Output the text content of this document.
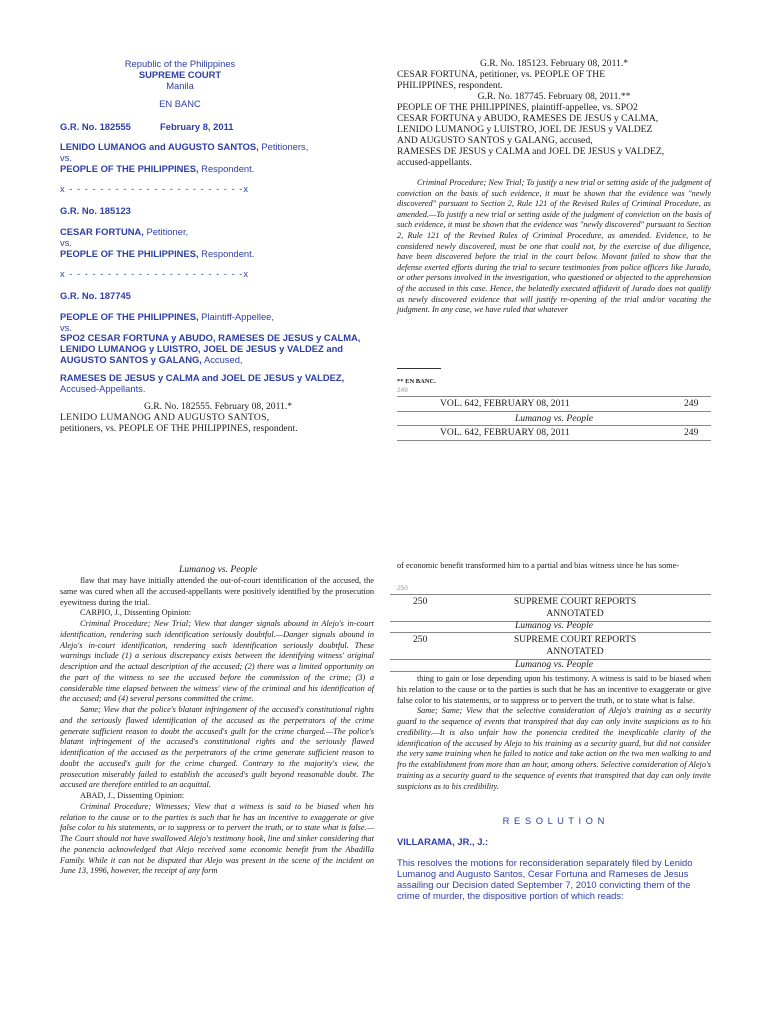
Republic of the Philippines
SUPREME COURT
Manila
EN BANC
G.R. No. 182555	February 8, 2011
LENIDO LUMANOG and AUGUSTO SANTOS, Petitioners,
vs.
PEOPLE OF THE PHILIPPINES, Respondent.
x - - - - - - - - - - - - - - - - - - - - - - -x
G.R. No. 185123
CESAR FORTUNA, Petitioner,
vs.
PEOPLE OF THE PHILIPPINES, Respondent.
x - - - - - - - - - - - - - - - - - - - - - - -x
G.R. No. 187745
PEOPLE OF THE PHILIPPINES, Plaintiff-Appellee,
vs.
SPO2 CESAR FORTUNA y ABUDO, RAMESES DE JESUS y CALMA, LENIDO LUMANOG y LUISTRO, JOEL DE JESUS y VALDEZ and AUGUSTO SANTOS y GALANG, Accused,
RAMESES DE JESUS y CALMA and JOEL DE JESUS y VALDEZ, Accused-Appellants.
G.R. No. 182555. February 08, 2011.*
LENIDO LUMANOG AND AUGUSTO SANTOS,
petitioners, vs. PEOPLE OF THE PHILIPPINES, respondent.
G.R. No. 185123. February 08, 2011.*
CESAR FORTUNA, petitioner, vs. PEOPLE OF THE
PHILIPPINES, respondent.
G.R. No. 187745. February 08, 2011.**
PEOPLE OF THE PHILIPPINES, plaintiff-appellee, vs. SPO2
CESAR FORTUNA y ABUDO, RAMESES DE JESUS y CALMA,
LENIDO LUMANOG y LUISTRO, JOEL DE JESUS y VALDEZ
AND AUGUSTO SANTOS y GALANG, accused,
RAMESES DE JESUS y CALMA and JOEL DE JESUS y VALDEZ,
accused-appellants.
Criminal Procedure; New Trial; To justify a new trial or setting aside of the judgment of conviction on the basis of such evidence, it must be shown that the evidence was "newly discovered" pursuant to Section 2, Rule 121 of the Revised Rules of Criminal Procedure, as amended.—To justify a new trial or setting aside of the judgment of conviction on the basis of such evidence, it must be shown that the evidence was "newly discovered" pursuant to Section 2, Rule 121 of the Revised Rules of Criminal Procedure, as amended. Evidence, to be considered newly discovered, must be one that could not, by the exercise of due diligence, have been discovered before the trial in the court below. Movant failed to show that the defense exerted efforts during the trial to secure testimonies from police officers like Jurado, or other persons involved in the investigation, who questioned or objected to the apprehension of the accused in this case. Hence, the belatedly executed affidavit of Jurado does not qualify as newly discovered evidence that will justify re-opening of the trial and/or vacating the judgment. In any case, we have ruled that whatever
** EN BANC.
249
VOL. 642, FEBRUARY 08, 2011	249
Lumanog vs. People
VOL. 642, FEBRUARY 08, 2011	249
Lumanog vs. People

flaw that may have initially attended the out-of-court identification of the accused, the same was cured when all the accused-appellants were positively identified by the prosecution eyewitness during the trial.

CARPIO, J., Dissenting Opinion:

Criminal Procedure; New Trial; View that danger signals abound in Alejo's in-court identification, rendering such identification seriously doubtful.—Danger signals abound in Alejo's in-court identification, rendering such identification seriously doubtful. These warnings include (1) a serious discrepancy exists between the identifying witness' original description and the actual description of the accused; (2) there was a limited opportunity on the part of the witness to see the accused before the commission of the crime; (3) a considerable time elapsed between the witness' view of the criminal and his identification of the accused; and (4) several persons committed the crime.

Same; View that the police's blatant infringement of the accused's constitutional rights and the seriously flawed identification of the accused as the perpetrators of the crime generate sufficient reason to doubt the accused's guilt for the crime charged.—The police's blatant infringement of the accused's constitutional rights and the seriously flawed identification of the accused as the perpetrators of the crime generate sufficient reason to doubt the accused's guilt for the crime charged. Contrary to the majority's view, the prosecution miserably failed to establish the accused's guilt beyond reasonable doubt. The accused are therefore entitled to an acquittal.

ABAD, J., Dissenting Opinion:

Criminal Procedure; Witnesses; View that a witness is said to be biased when his relation to the cause or to the parties is such that he has an incentive to exaggerate or give false color to his statements, or to suppress or to pervert the truth, or to state what is false.—The Court should not have swallowed Alejo's testimony hook, line and sinker considering that the ponencia acknowledged that Alejo received some economic benefit from the Abadilla Family. While it can not be disputed that Alejo was present in the scene of the incident on June 13, 1996, however, the receipt of any form

of economic benefit transformed him to a partial and bias witness since he has some-
250
250	SUPREME COURT REPORTS
ANNOTATED
Lumanog vs. People
250	SUPREME COURT REPORTS
ANNOTATED
Lumanog vs. People

thing to gain or lose depending upon his testimony. A witness is said to be biased when his relation to the cause or to the parties is such that he has an incentive to exaggerate or give false color to his statements, or to suppress or to pervert the truth, or to state what is false.

Same; Same; View that the selective consideration of Alejo's training as a security guard to the sequence of events that transpired that day can only invite suspicions as to his credibility.—It is also unfair how the ponencia credited the inexplicable clarity of the identification of the accused by Alejo to his training as a security guard, but did not consider the very same training when he failed to notice and take action on the two men walking to and fro the establishment from more than an hour, among others. Selective consideration of Alejo's training as a security guard to the sequence of events that transpired that day can only invite suspicions as to his credibility.

R E S O L U T I O N
VILLARAMA, JR., J.:
This resolves the motions for reconsideration separately filed by Lenido Lumanog and Augusto Santos, Cesar Fortuna and Rameses de Jesus assailing our Decision dated September 7, 2010 convicting them of the crime of murder, the dispositive portion of which reads:
